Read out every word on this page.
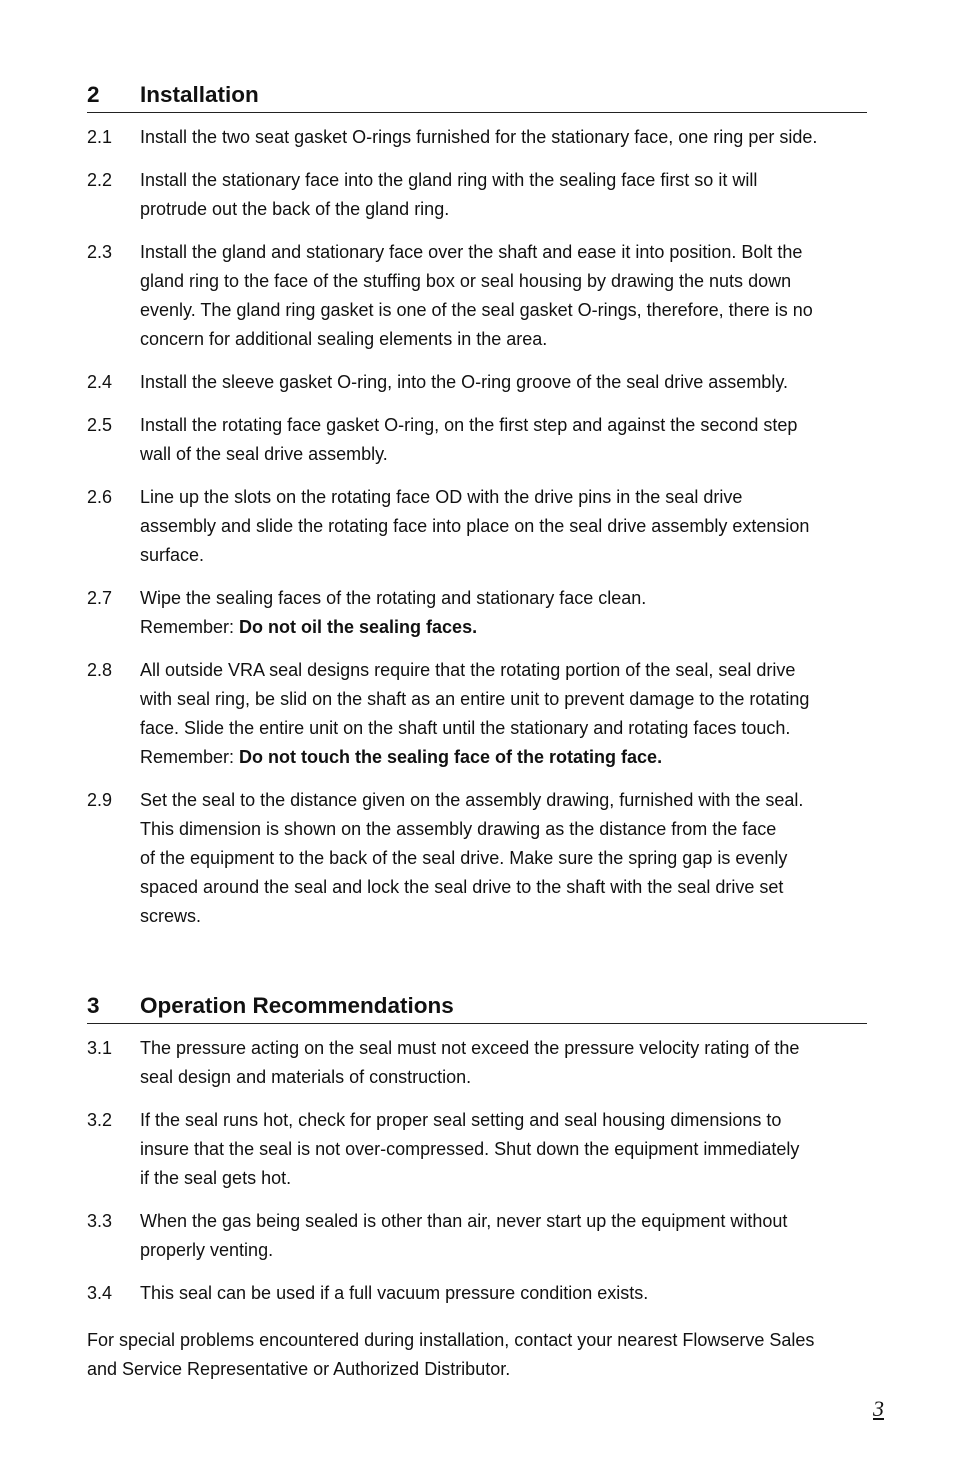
2	Installation
2.1	Install the two seat gasket O-rings furnished for the stationary face, one ring per side.
2.2	Install the stationary face into the gland ring with the sealing face first so it will
protrude out the back of the gland ring.
2.3	Install the gland and stationary face over the shaft and ease it into position. Bolt the
gland ring to the face of the stuffing box or seal housing by drawing the nuts down
evenly. The gland ring gasket is one of the seal gasket O-rings, therefore, there is no
concern for additional sealing elements in the area.
2.4	Install the sleeve gasket O-ring, into the O-ring groove of the seal drive assembly.
2.5	Install the rotating face gasket O-ring, on the first step and against the second step
wall of the seal drive assembly.
2.6	Line up the slots on the rotating face OD with the drive pins in the seal drive
assembly and slide the rotating face into place on the seal drive assembly extension
surface.
2.7	Wipe the sealing faces of the rotating and stationary face clean.
Remember: Do not oil the sealing faces.
2.8	All outside VRA seal designs require that the rotating portion of the seal, seal drive
with seal ring, be slid on the shaft as an entire unit to prevent damage to the rotating
face. Slide the entire unit on the shaft until the stationary and rotating faces touch.
Remember: Do not touch the sealing face of the rotating face.
2.9	Set the seal to the distance given on the assembly drawing, furnished with the seal.
This dimension is shown on the assembly drawing as the distance from the face
of the equipment to the back of the seal drive. Make sure the spring gap is evenly
spaced around the seal and lock the seal drive to the shaft with the seal drive set
screws.
3	Operation Recommendations
3.1	The pressure acting on the seal must not exceed the pressure velocity rating of the
seal design and materials of construction.
3.2	If the seal runs hot, check for proper seal setting and seal housing dimensions to
insure that the seal is not over-compressed. Shut down the equipment immediately
if the seal gets hot.
3.3	When the gas being sealed is other than air, never start up the equipment without
properly venting.
3.4	This seal can be used if a full vacuum pressure condition exists.
For special problems encountered during installation, contact your nearest Flowserve Sales
and Service Representative or Authorized Distributor.
3
